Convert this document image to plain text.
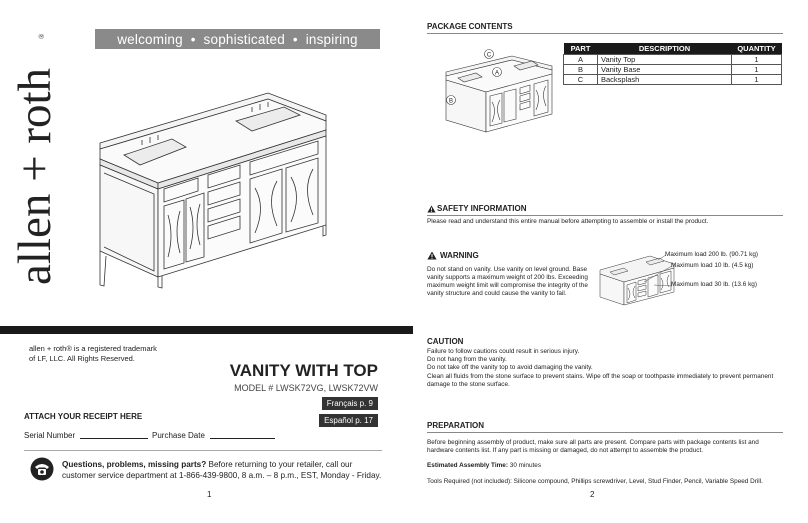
allen + roth
®	welcoming • sophisticated • inspiring
allen + roth® is a registered trademark
of LF, LLC. All Rights Reserved.
VANITY WITH TOP
MODEL # LWSK72VG, LWSK72VW
Français p. 9
Español p. 17
ATTACH YOUR RECEIPT HERE
Serial Number	Purchase Date
Questions, problems, missing parts? Before returning to your retailer, call our customer service department at 1-866-439-9800, 8 a.m. – 8 p.m., EST, Monday - Friday.
1
PACKAGE CONTENTS
C
A
B
PART	DESCRIPTION	QUANTITY
A	Vanity Top	1
B	Vanity Base	1
C	Backsplash	1
SAFETY INFORMATION
Please read and understand this entire manual before attempting to assemble or install the product.
WARNING
Do not stand on vanity. Use vanity on level ground. Base vanity supports a maximum weight of 200 lbs. Exceeding maximum weight limit will compromise the integrity of the vanity structure and could cause the vanity to fail.
Maximum load 200 lb. (90.71 kg)
Maximum load 10 lb. (4.5 kg)
Maximum load 30 lb. (13.6 kg)
CAUTION
Failure to follow cautions could result in serious injury.
Do not hang from the vanity.
Do not take off the vanity top to avoid damaging the vanity.
Clean all fluids from the stone surface to prevent stains. Wipe off the soap or toothpaste immediately to prevent permanent damage to the stone surface.
PREPARATION
Before beginning assembly of product, make sure all parts are present. Compare parts with package contents list and hardware contents list. If any part is missing or damaged, do not attempt to assemble the product.
Estimated Assembly Time: 30 minutes
Tools Required (not included): Silicone compound, Phillips screwdriver, Level, Stud Finder, Pencil, Variable Speed Drill.
2
